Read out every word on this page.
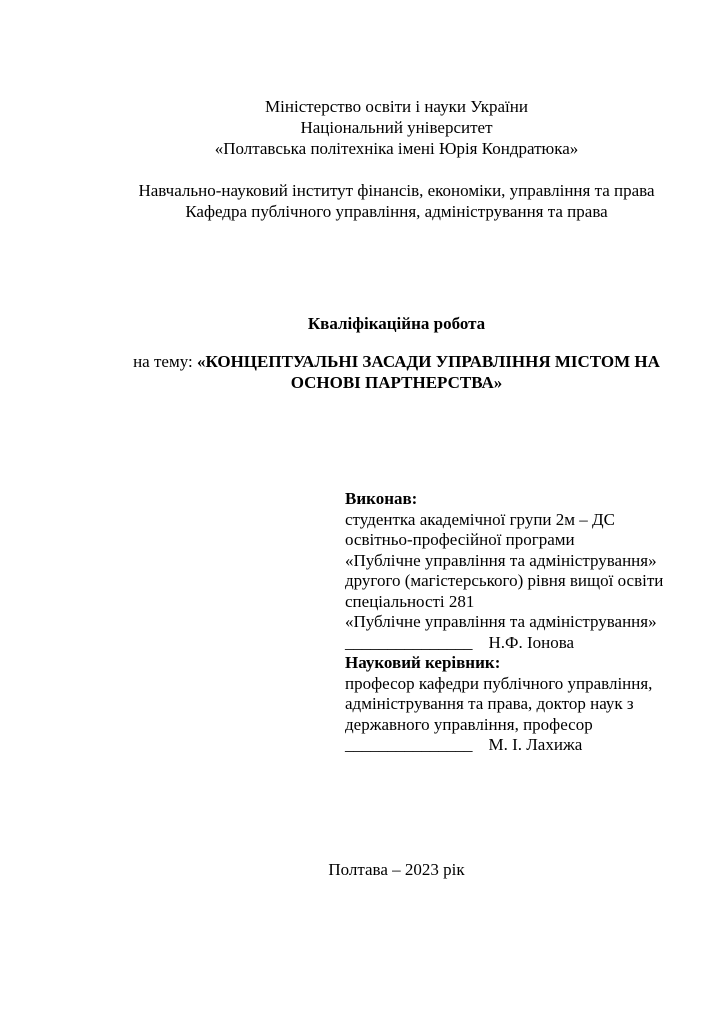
Міністерство освіти і науки України
Національний університет
«Полтавська політехніка імені Юрія Кондратюка»
Навчально-науковий інститут фінансів, економіки, управління та права
Кафедра публічного управління, адміністрування та права
Кваліфікаційна робота
на тему: «КОНЦЕПТУАЛЬНІ ЗАСАДИ УПРАВЛІННЯ МІСТОМ НА ОСНОВІ ПАРТНЕРСТВА»
Виконав:
студентка академічної групи 2м – ДС
освітньо-професійної програми
«Публічне управління та адміністрування»
другого (магістерського) рівня вищої освіти
спеціальності 281
«Публічне управління та адміністрування»
_______________ Н.Ф. Іонова
Науковий керівник:
професор кафедри публічного управління,
адміністрування та права, доктор наук з
державного управління, професор
_______________ М. І. Лахижа
Полтава – 2023 рік
